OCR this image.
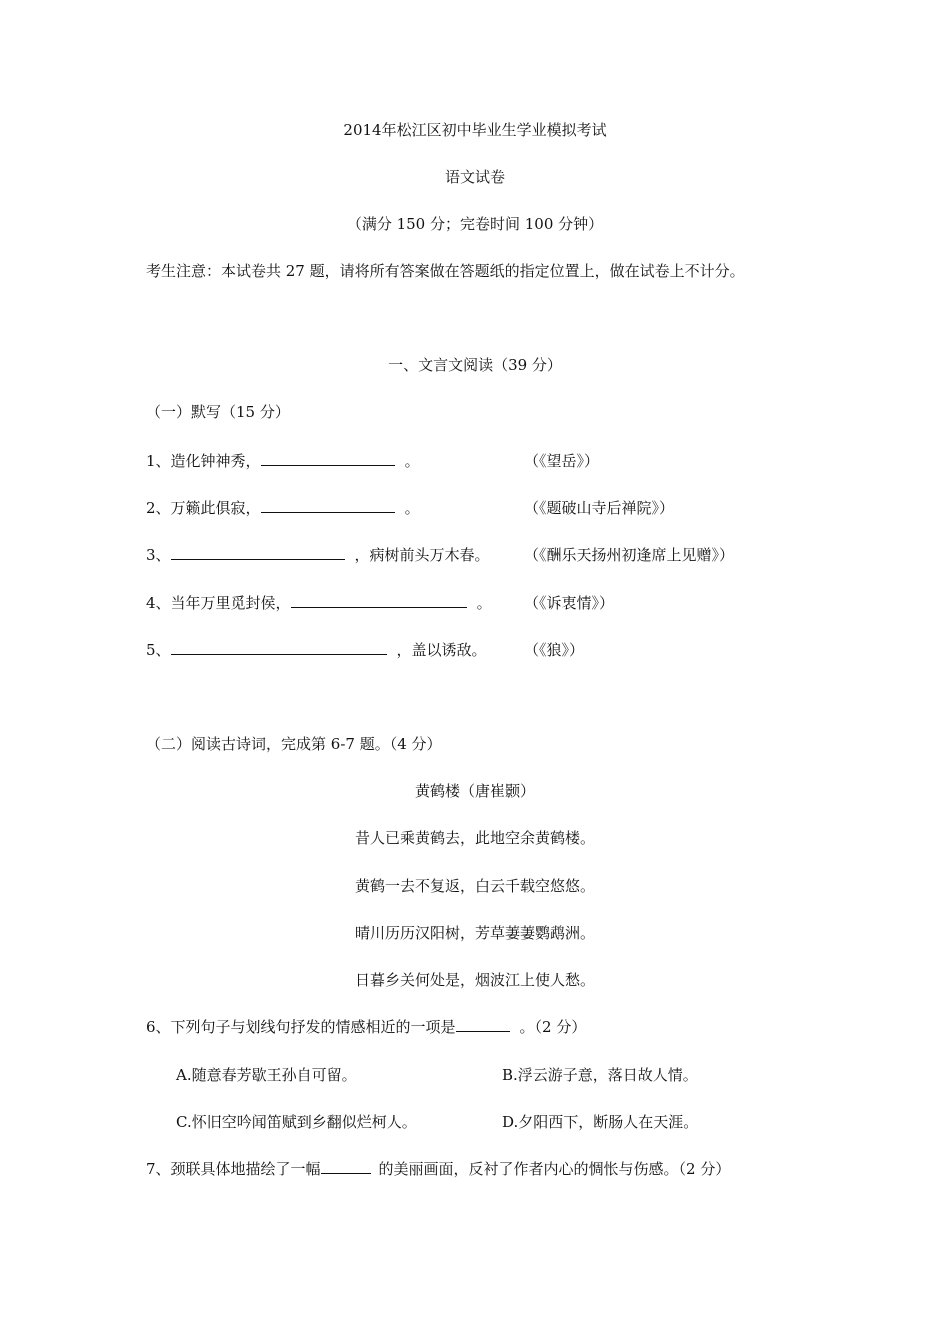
2014年松江区初中毕业生学业模拟考试
语文试卷
（满分 150 分；完卷时间 100 分钟）
考生注意：本试卷共 27 题，请将所有答案做在答题纸的指定位置上，做在试卷上不计分。
一、文言文阅读（39 分）
（一）默写（15 分）
1、造化钟神秀，	。	（《望岳》）
2、万籁此俱寂，	。	（《题破山寺后禅院》）
3、	，病树前头万木春。 （《酬乐天扬州初逢席上见赠》）
4、当年万里觅封侯，	。 （《诉衷情》）
5、	，盖以诱敌。 （《狼》）
（二）阅读古诗词，完成第 6-7 题。（4 分）
黄鹤楼（唐崔颢）
昔人已乘黄鹤去，此地空余黄鹤楼。
黄鹤一去不复返，白云千载空悠悠。
晴川历历汉阳树，芳草萋萋鹦鹉洲。
日暮乡关何处是，烟波江上使人愁。
6、下列句子与划线句抒发的情感相近的一项是	。（2 分）
A.随意春芳歇王孙自可留。	B.浮云游子意，落日故人情。
C.怀旧空吟闻笛赋到乡翻似烂柯人。	D.夕阳西下，断肠人在天涯。
7、颈联具体地描绘了一幅	的美丽画面，反衬了作者内心的惆怅与伤感。（2 分）
